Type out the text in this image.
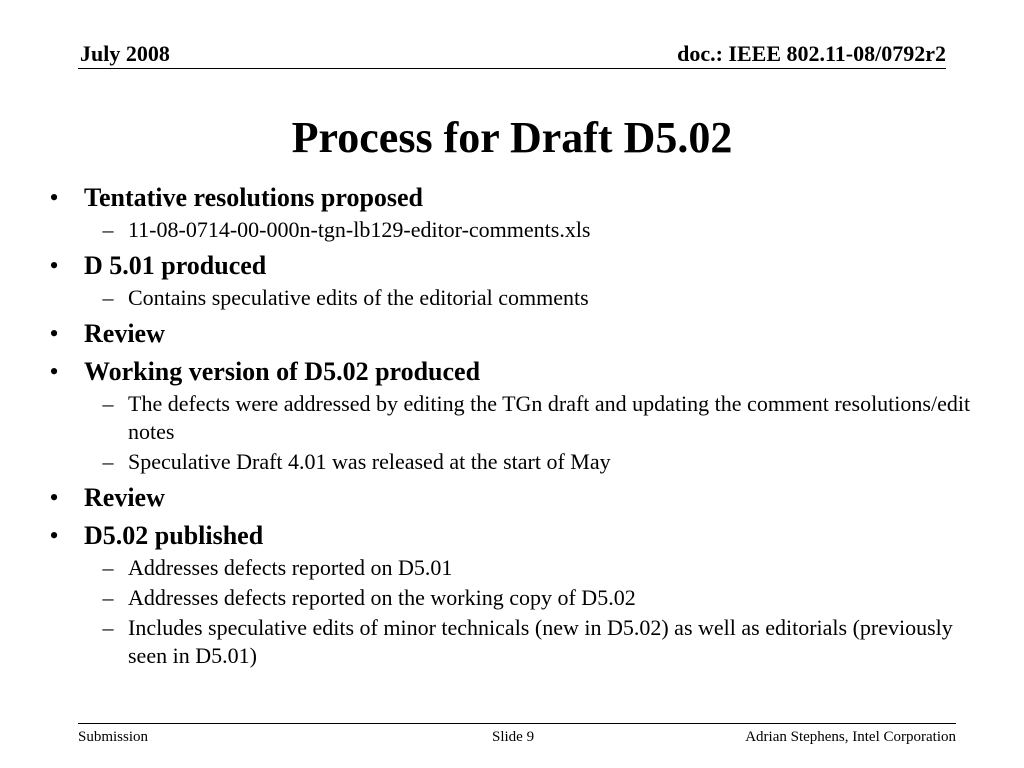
July 2008	doc.: IEEE 802.11-08/0792r2
Process for Draft D5.02
• Tentative resolutions proposed
– 11-08-0714-00-000n-tgn-lb129-editor-comments.xls
• D 5.01 produced
– Contains speculative edits of the editorial comments
• Review
• Working version of D5.02 produced
– The defects were addressed by editing the TGn draft and updating the comment resolutions/edit notes
– Speculative Draft 4.01 was released at the start of May
• Review
• D5.02 published
– Addresses defects reported on D5.01
– Addresses defects reported on the working copy of D5.02
– Includes speculative edits of minor technicals (new in D5.02) as well as editorials (previously seen in D5.01)
Submission	Slide 9	Adrian Stephens, Intel Corporation
